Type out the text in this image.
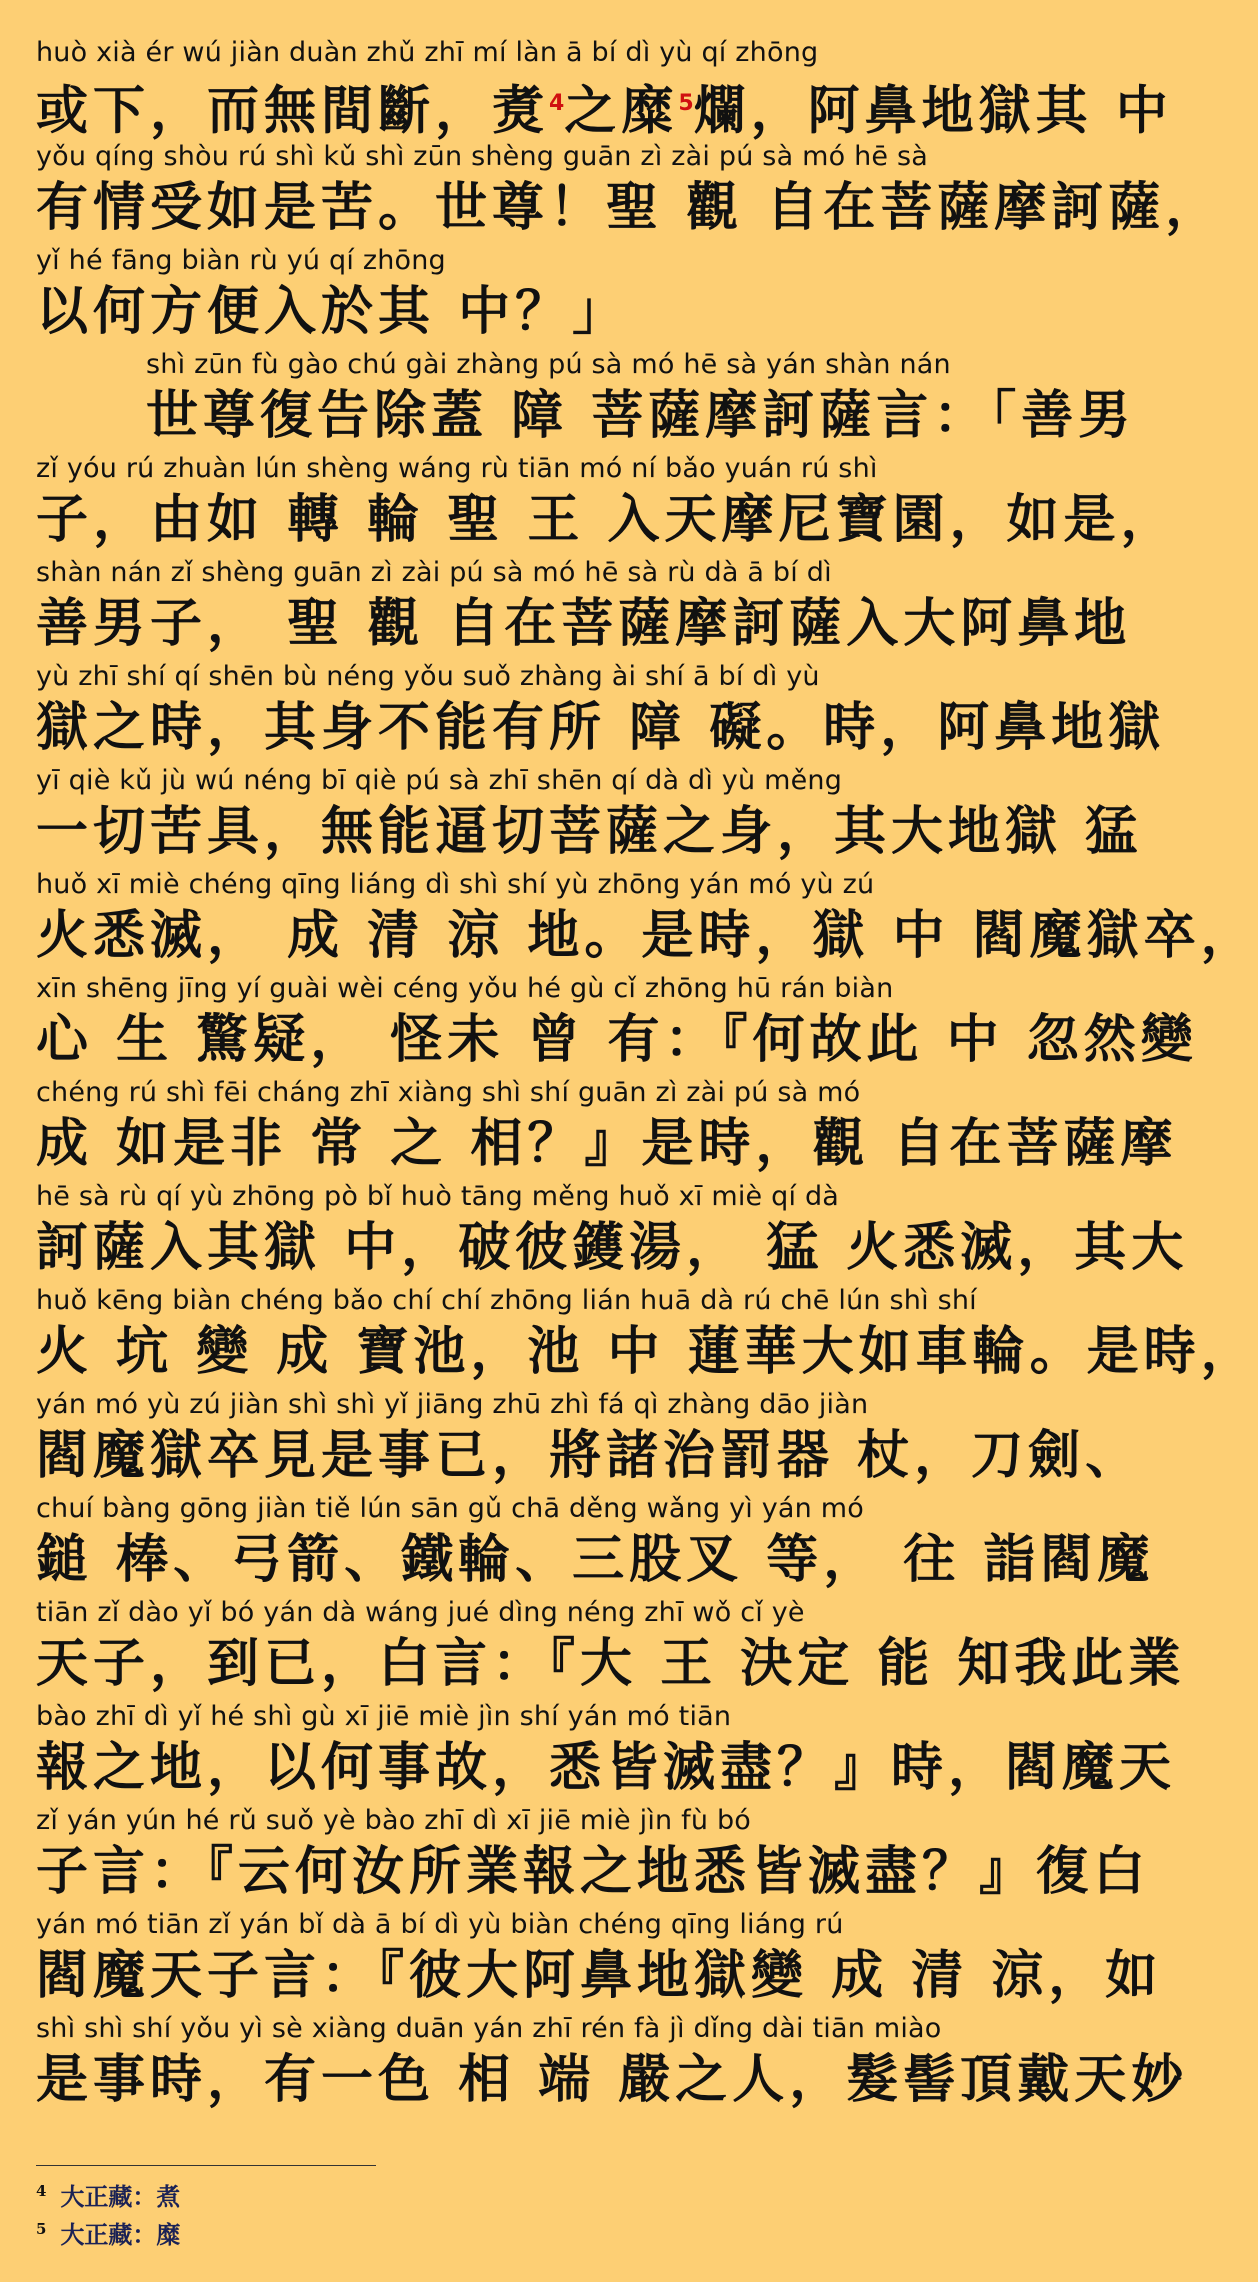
huò xià ér wú jiàn duàn zhǔ zhī mí làn ā bí dì yù qí zhōng
或下，而無間斷，煑$^4$之糜$^5$爛，阿鼻地獄其 中
yǒu qíng shòu rú shì kǔ shì zūn shèng guān zì zài pú sà mó hē sà
有情受如是苦。世尊！聖 觀 自在菩薩摩訶薩，
yǐ hé fāng biàn rù yú qí zhōng
以何方便入於其 中？」
shì zūn fù gào chú gài zhàng pú sà mó hē sà yán shàn nán
世尊復告除蓋 障 菩薩摩訶薩言：「善男
zǐ yóu rú zhuàn lún shèng wáng rù tiān mó ní bǎo yuán rú shì
子，由如 轉 輪 聖 王 入天摩尼寶園，如是，
shàn nán zǐ shèng guān zì zài pú sà mó hē sà rù dà ā bí dì
善男子， 聖 觀 自在菩薩摩訶薩入大阿鼻地
yù zhī shí qí shēn bù néng yǒu suǒ zhàng ài shí ā bí dì yù
獄之時，其身不能有所 障 礙。時，阿鼻地獄
yī qiè kǔ jù wú néng bī qiè pú sà zhī shēn qí dà dì yù měng
一切苦具，無能逼切菩薩之身，其大地獄 猛
huǒ xī miè chéng qīng liáng dì shì shí yù zhōng yán mó yù zú
火悉滅， 成 清 涼 地。是時，獄 中 閻魔獄卒，
xīn shēng jīng yí guài wèi céng yǒu hé gù cǐ zhōng hū rán biàn
心 生 驚疑， 怪未 曾 有：『何故此 中 忽然變
chéng rú shì fēi cháng zhī xiàng shì shí guān zì zài pú sà mó
成 如是非 常 之 相？』是時，觀 自在菩薩摩
hē sà rù qí yù zhōng pò bǐ huò tāng měng huǒ xī miè qí dà
訶薩入其獄 中，破彼鑊湯， 猛 火悉滅，其大
huǒ kēng biàn chéng bǎo chí chí zhōng lián huā dà rú chē lún shì shí
火 坑 變 成 寶池，池 中 蓮華大如車輪。是時，
yán mó yù zú jiàn shì shì yǐ jiāng zhū zhì fá qì zhàng dāo jiàn
閻魔獄卒見是事已，將諸治罰器 杖，刀劍、
chuí bàng gōng jiàn tiě lún sān gǔ chā děng wǎng yì yán mó
鎚 棒、弓箭、鐵輪、三股叉 等， 往 詣閻魔
tiān zǐ dào yǐ bó yán dà wáng jué dìng néng zhī wǒ cǐ yè
天子，到已，白言：『大 王 決定 能 知我此業
bào zhī dì yǐ hé shì gù xī jiē miè jìn shí yán mó tiān
報之地，以何事故，悉皆滅盡？』時，閻魔天
zǐ yán yún hé rǔ suǒ yè bào zhī dì xī jiē miè jìn fù bó
子言：『云何汝所業報之地悉皆滅盡？』復白
yán mó tiān zǐ yán bǐ dà ā bí dì yù biàn chéng qīng liáng rú
閻魔天子言：『彼大阿鼻地獄變 成 清 涼，如
shì shì shí yǒu yì sè xiàng duān yán zhī rén fà jì dǐng dài tiān miào
是事時，有一色 相 端 嚴之人，髮髻頂戴天妙
$^4$ 大正藏：煮
$^5$ 大正藏：糜
